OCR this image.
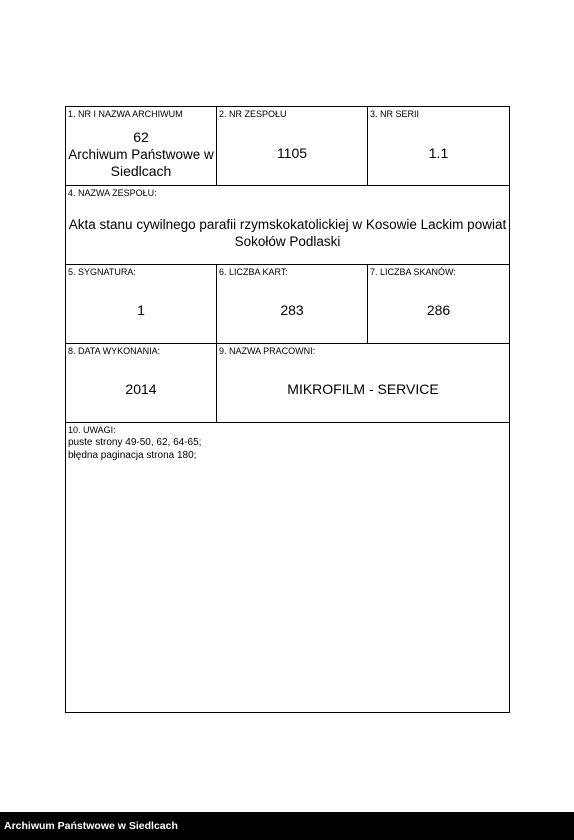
1. NR I NAZWA ARCHIWUM
62
Archiwum Państwowe w
Siedlcach
2. NR ZESPOŁU
1105
3. NR SERII
1.1
4. NAZWA ZESPOŁU:
Akta stanu cywilnego parafii rzymskokatolickiej w Kosowie Lackim powiat
Sokołów Podlaski
5. SYGNATURA:
1
6. LICZBA KART:
283
7. LICZBA SKANÓW:
286
8. DATA WYKONANIA:
2014
9. NAZWA PRACOWNI:
MIKROFILM - SERVICE
10. UWAGI:
puste strony 49-50, 62, 64-65;
błędna paginacja strona 180;
Archiwum Państwowe w Siedlcach
